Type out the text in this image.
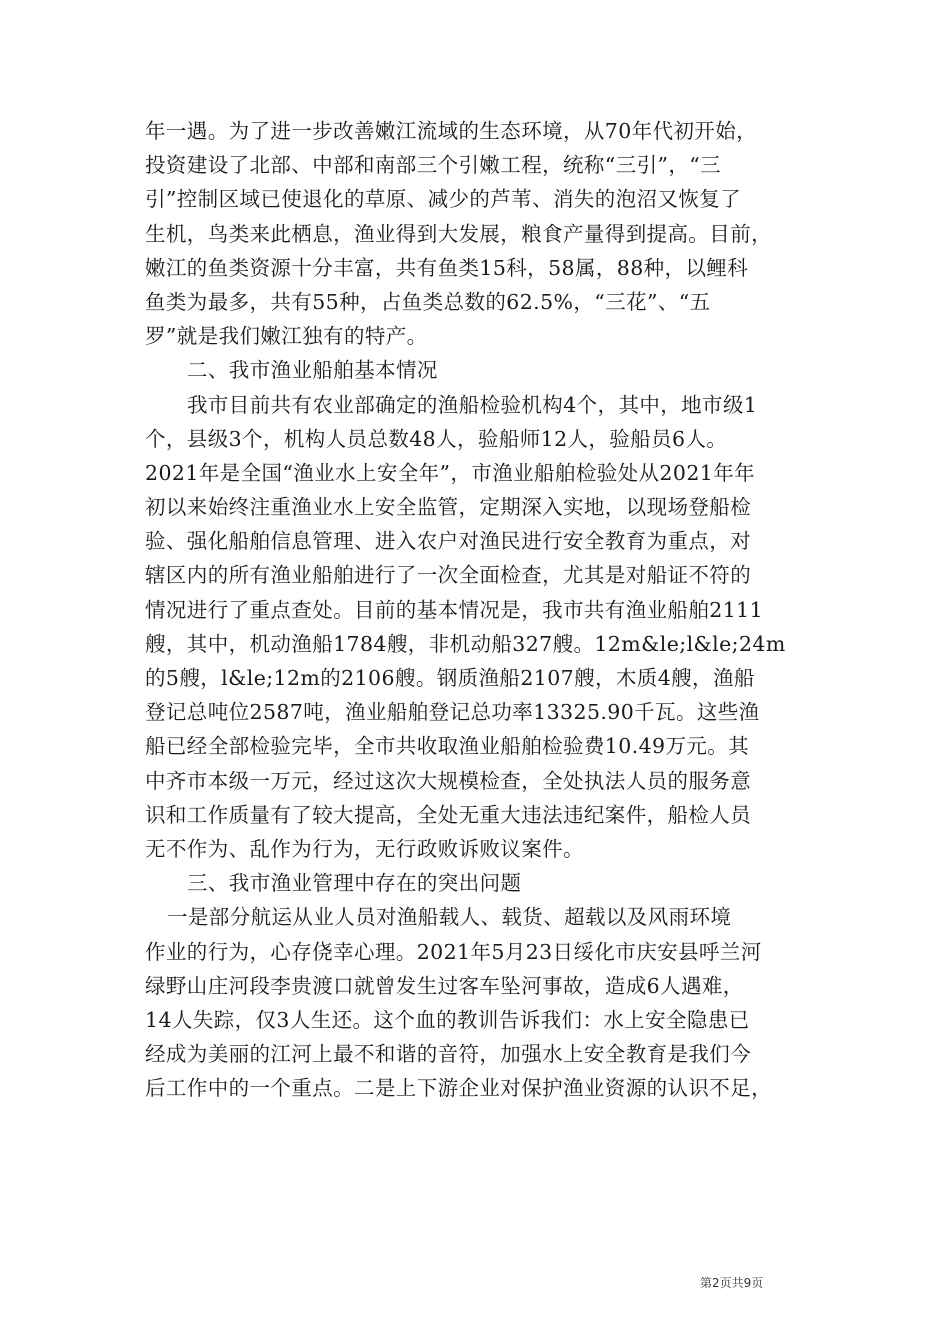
年一遇。为了进一步改善嫩江流域的生态环境，从70年代初开始，
投资建设了北部、中部和南部三个引嫩工程，统称“三引”，“三
引”控制区域已使退化的草原、减少的芦苇、消失的泡沼又恢复了
生机，鸟类来此栖息，渔业得到大发展，粮食产量得到提高。目前，
嫩江的鱼类资源十分丰富，共有鱼类15科，58属，88种，以鲤科
鱼类为最多，共有55种，占鱼类总数的62.5%，“三花”、“五
罗”就是我们嫩江独有的特产。
二、我市渔业船舶基本情况
我市目前共有农业部确定的渔船检验机构4个，其中，地市级1
个，县级3个，机构人员总数48人，验船师12人，验船员6人。
2021年是全国“渔业水上安全年”，市渔业船舶检验处从2021年年
初以来始终注重渔业水上安全监管，定期深入实地，以现场登船检
验、强化船舶信息管理、进入农户对渔民进行安全教育为重点，对
辖区内的所有渔业船舶进行了一次全面检查，尤其是对船证不符的
情况进行了重点查处。目前的基本情况是，我市共有渔业船舶2111
艘，其中，机动渔船1784艘，非机动船327艘。12m&le;l&le;24m
的5艘，l&le;12m的2106艘。钢质渔船2107艘，木质4艘，渔船
登记总吨位2587吨，渔业船舶登记总功率13325.90千瓦。这些渔
船已经全部检验完毕，全市共收取渔业船舶检验费10.49万元。其
中齐市本级一万元，经过这次大规模检查，全处执法人员的服务意
识和工作质量有了较大提高，全处无重大违法违纪案件，船检人员
无不作为、乱作为行为，无行政败诉败议案件。
三、我市渔业管理中存在的突出问题
一是部分航运从业人员对渔船载人、载货、超载以及风雨环境
作业的行为，心存侥幸心理。2021年5月23日绥化市庆安县呼兰河
绿野山庄河段李贵渡口就曾发生过客车坠河事故，造成6人遇难，
14人失踪，仅3人生还。这个血的教训告诉我们：水上安全隐患已
经成为美丽的江河上最不和谐的音符，加强水上安全教育是我们今
后工作中的一个重点。二是上下游企业对保护渔业资源的认识不足，
第2页共9页
